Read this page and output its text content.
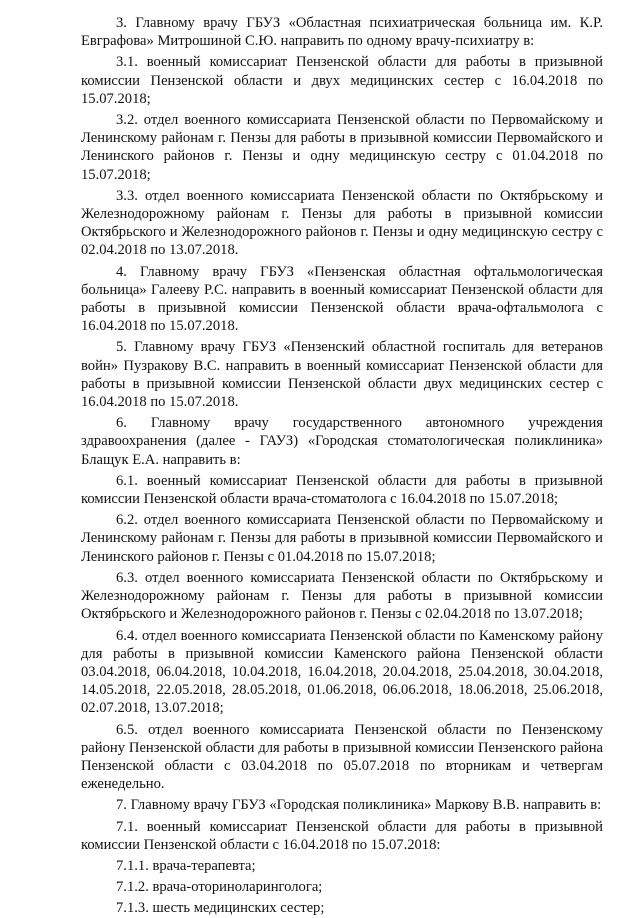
3. Главному врачу ГБУЗ «Областная психиатрическая больница им. К.Р. Евграфова» Митрошиной С.Ю. направить по одному врачу-психиатру в:

3.1. военный комиссариат Пензенской области для работы в призывной комиссии Пензенской области и двух медицинских сестер с 16.04.2018 по 15.07.2018;

3.2. отдел военного комиссариата Пензенской области по Первомайскому и Ленинскому районам г. Пензы для работы в призывной комиссии Первомайского и Ленинского районов г. Пензы и одну медицинскую сестру с 01.04.2018 по 15.07.2018;

3.3. отдел военного комиссариата Пензенской области по Октябрьскому и Железнодорожному районам г. Пензы для работы в призывной комиссии Октябрьского и Железнодорожного районов г. Пензы и одну медицинскую сестру с 02.04.2018 по 13.07.2018.

4. Главному врачу ГБУЗ «Пензенская областная офтальмологическая больница» Галееву Р.С. направить в военный комиссариат Пензенской области для работы в призывной комиссии Пензенской области врача-офтальмолога с 16.04.2018 по 15.07.2018.

5. Главному врачу ГБУЗ «Пензенский областной госпиталь для ветеранов войн» Пузракову В.С. направить в военный комиссариат Пензенской области для работы в призывной комиссии Пензенской области двух медицинских сестер с 16.04.2018 по 15.07.2018.

6. Главному врачу государственного автономного учреждения здравоохранения (далее - ГАУЗ) «Городская стоматологическая поликлиника» Блащук Е.А. направить в:

6.1. военный комиссариат Пензенской области для работы в призывной комиссии Пензенской области врача-стоматолога с 16.04.2018 по 15.07.2018;

6.2. отдел военного комиссариата Пензенской области по Первомайскому и Ленинскому районам г. Пензы для работы в призывной комиссии Первомайского и Ленинского районов г. Пензы с 01.04.2018 по 15.07.2018;

6.3. отдел военного комиссариата Пензенской области по Октябрьскому и Железнодорожному районам г. Пензы для работы в призывной комиссии Октябрьского и Железнодорожного районов г. Пензы с 02.04.2018 по 13.07.2018;

6.4. отдел военного комиссариата Пензенской области по Каменскому району для работы в призывной комиссии Каменского района Пензенской области 03.04.2018, 06.04.2018, 10.04.2018, 16.04.2018, 20.04.2018, 25.04.2018, 30.04.2018, 14.05.2018, 22.05.2018, 28.05.2018, 01.06.2018, 06.06.2018, 18.06.2018, 25.06.2018, 02.07.2018, 13.07.2018;

6.5. отдел военного комиссариата Пензенской области по Пензенскому району Пензенской области для работы в призывной комиссии Пензенского района Пензенской области с 03.04.2018 по 05.07.2018 по вторникам и четвергам еженедельно.

7. Главному врачу ГБУЗ «Городская поликлиника» Маркову В.В. направить в:

7.1. военный комиссариат Пензенской области для работы в призывной комиссии Пензенской области с 16.04.2018 по 15.07.2018:

7.1.1. врача-терапевта;

7.1.2. врача-оториноларинголога;

7.1.3. шесть медицинских сестер;
